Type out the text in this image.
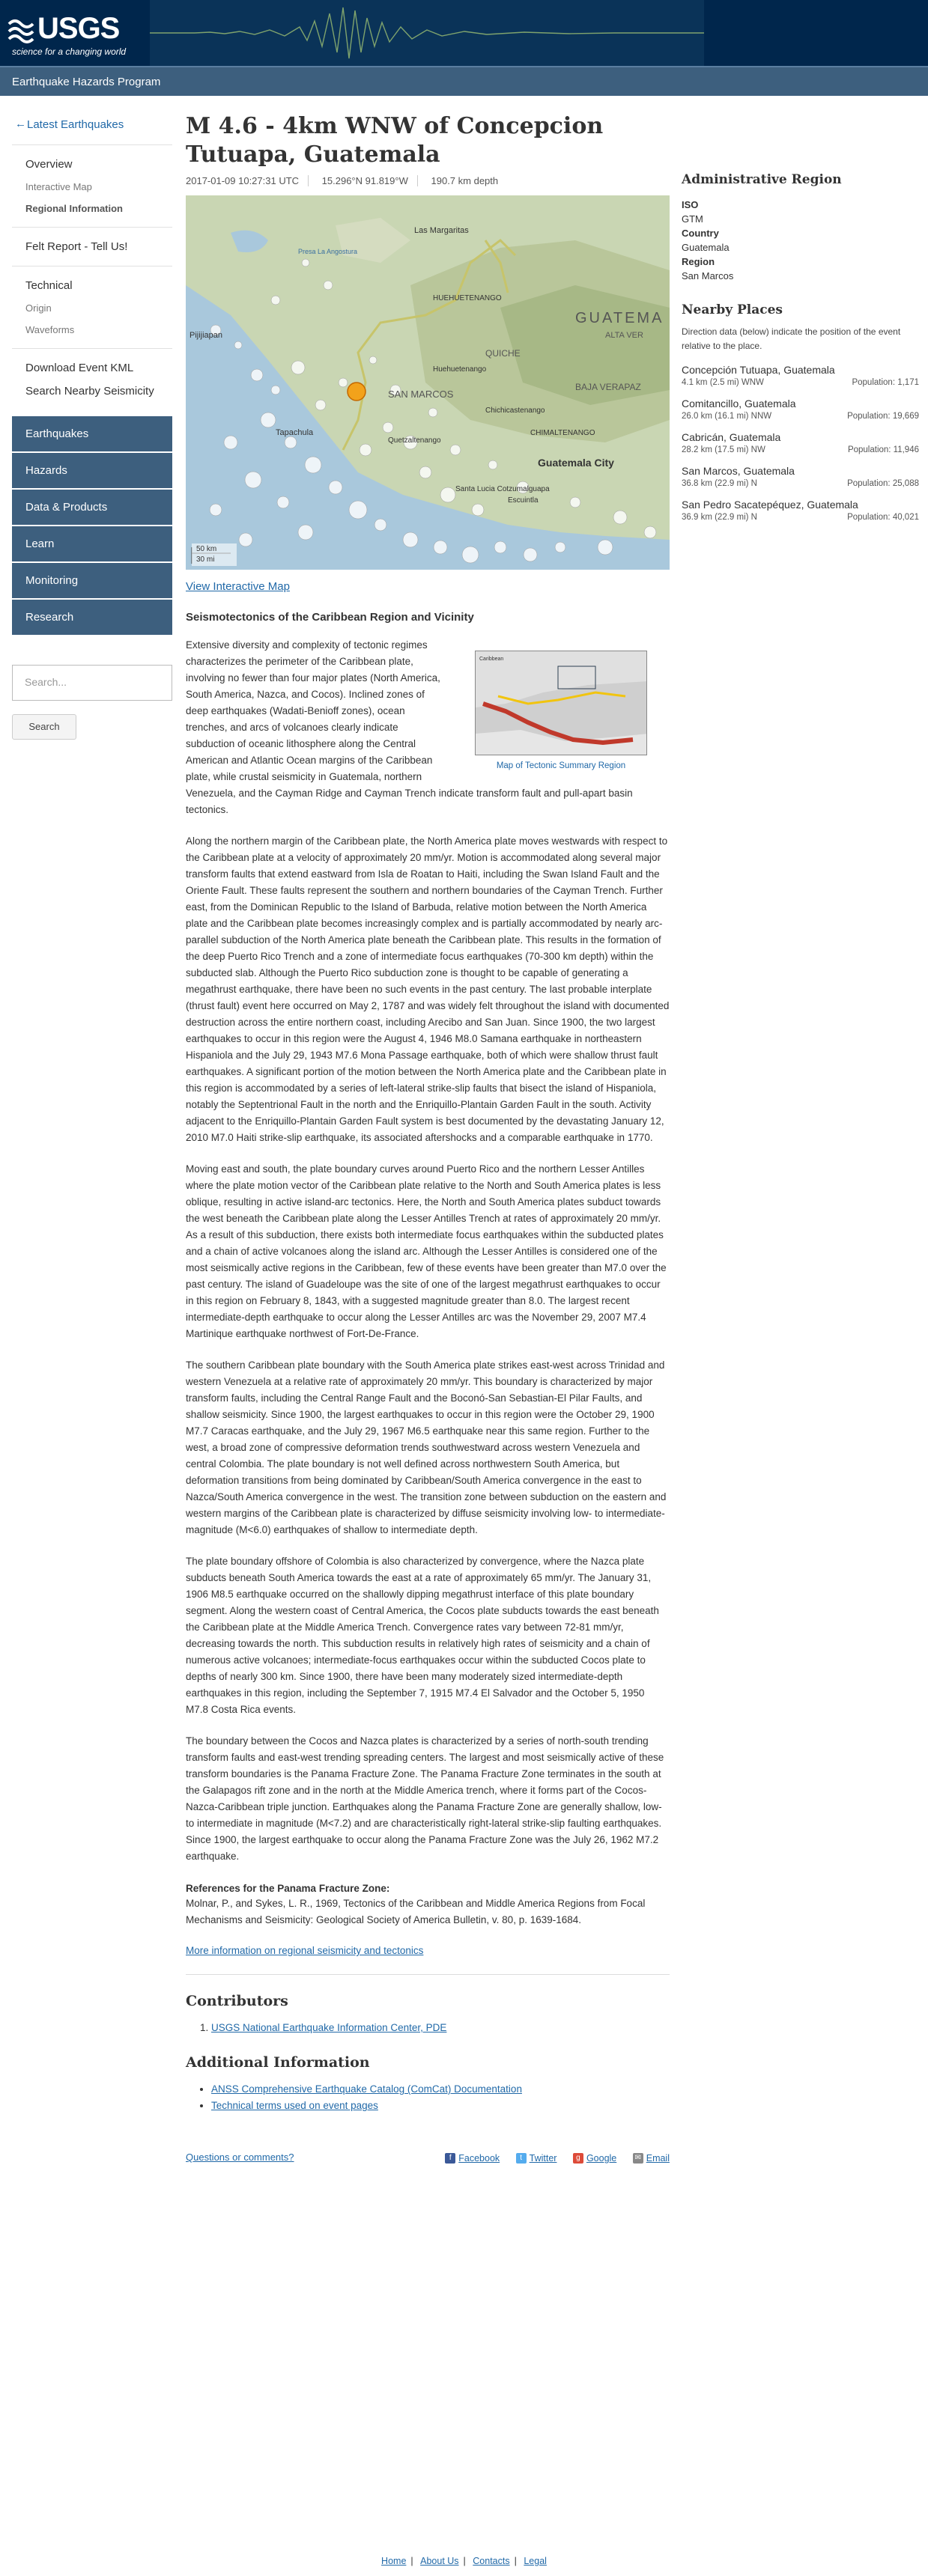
USGS
science for a changing world
Earthquake Hazards Program
← Latest Earthquakes
Overview
Interactive Map
Regional Information
Felt Report - Tell Us!
Technical
Origin
Waveforms
Download Event KML
Search Nearby Seismicity
Earthquakes
Hazards
Data & Products
Learn
Monitoring
Research
Search...
Search
M 4.6 - 4km WNW of Concepcion Tutuapa, Guatemala
2017-01-09 10:27:31 UTC 15.296°N 91.819°W 190.7 km depth
Las Margaritas
Presa La Angostura
Pijijiapan
HUEHUETENANGO
GUATEMA
ALTA VER
QUICHE
Huehuetenango
SAN MARCOS
Tapachula
BAJA VERAPAZ
Chichicastenango
Quetzaltenango
CHIMALTENANGO
Guatemala City
Santa Lucia Cotzumalguapa
Escuintla
50 km
30 mi
View Interactive Map
Seismotectonics of the Caribbean Region and Vicinity
Caribbean
Map of Tectonic Summary Region

Extensive diversity and complexity of tectonic regimes characterizes the perimeter of the Caribbean plate, involving no fewer than four major plates (North America, South America, Nazca, and Cocos). Inclined zones of deep earthquakes (Wadati-Benioff zones), ocean trenches, and arcs of volcanoes clearly indicate subduction of oceanic lithosphere along the Central American and Atlantic Ocean margins of the Caribbean plate, while crustal seismicity in Guatemala, northern Venezuela, and the Cayman Ridge and Cayman Trench indicate transform fault and pull-apart basin tectonics.

Along the northern margin of the Caribbean plate, the North America plate moves westwards with respect to the Caribbean plate at a velocity of approximately 20 mm/yr. Motion is accommodated along several major transform faults that extend eastward from Isla de Roatan to Haiti, including the Swan Island Fault and the Oriente Fault. These faults represent the southern and northern boundaries of the Cayman Trench. Further east, from the Dominican Republic to the Island of Barbuda, relative motion between the North America plate and the Caribbean plate becomes increasingly complex and is partially accommodated by nearly arc-parallel subduction of the North America plate beneath the Caribbean plate. This results in the formation of the deep Puerto Rico Trench and a zone of intermediate focus earthquakes (70-300 km depth) within the subducted slab. Although the Puerto Rico subduction zone is thought to be capable of generating a megathrust earthquake, there have been no such events in the past century. The last probable interplate (thrust fault) event here occurred on May 2, 1787 and was widely felt throughout the island with documented destruction across the entire northern coast, including Arecibo and San Juan. Since 1900, the two largest earthquakes to occur in this region were the August 4, 1946 M8.0 Samana earthquake in northeastern Hispaniola and the July 29, 1943 M7.6 Mona Passage earthquake, both of which were shallow thrust fault earthquakes. A significant portion of the motion between the North America plate and the Caribbean plate in this region is accommodated by a series of left-lateral strike-slip faults that bisect the island of Hispaniola, notably the Septentrional Fault in the north and the Enriquillo-Plantain Garden Fault in the south. Activity adjacent to the Enriquillo-Plantain Garden Fault system is best documented by the devastating January 12, 2010 M7.0 Haiti strike-slip earthquake, its associated aftershocks and a comparable earthquake in 1770.

Moving east and south, the plate boundary curves around Puerto Rico and the northern Lesser Antilles where the plate motion vector of the Caribbean plate relative to the North and South America plates is less oblique, resulting in active island-arc tectonics. Here, the North and South America plates subduct towards the west beneath the Caribbean plate along the Lesser Antilles Trench at rates of approximately 20 mm/yr. As a result of this subduction, there exists both intermediate focus earthquakes within the subducted plates and a chain of active volcanoes along the island arc. Although the Lesser Antilles is considered one of the most seismically active regions in the Caribbean, few of these events have been greater than M7.0 over the past century. The island of Guadeloupe was the site of one of the largest megathrust earthquakes to occur in this region on February 8, 1843, with a suggested magnitude greater than 8.0. The largest recent intermediate-depth earthquake to occur along the Lesser Antilles arc was the November 29, 2007 M7.4 Martinique earthquake northwest of Fort-De-France.

The southern Caribbean plate boundary with the South America plate strikes east-west across Trinidad and western Venezuela at a relative rate of approximately 20 mm/yr. This boundary is characterized by major transform faults, including the Central Range Fault and the Boconó-San Sebastian-El Pilar Faults, and shallow seismicity. Since 1900, the largest earthquakes to occur in this region were the October 29, 1900 M7.7 Caracas earthquake, and the July 29, 1967 M6.5 earthquake near this same region. Further to the west, a broad zone of compressive deformation trends southwestward across western Venezuela and central Colombia. The plate boundary is not well defined across northwestern South America, but deformation transitions from being dominated by Caribbean/South America convergence in the east to Nazca/South America convergence in the west. The transition zone between subduction on the eastern and western margins of the Caribbean plate is characterized by diffuse seismicity involving low- to intermediate-magnitude (M<6.0) earthquakes of shallow to intermediate depth.

The plate boundary offshore of Colombia is also characterized by convergence, where the Nazca plate subducts beneath South America towards the east at a rate of approximately 65 mm/yr. The January 31, 1906 M8.5 earthquake occurred on the shallowly dipping megathrust interface of this plate boundary segment. Along the western coast of Central America, the Cocos plate subducts towards the east beneath the Caribbean plate at the Middle America Trench. Convergence rates vary between 72-81 mm/yr, decreasing towards the north. This subduction results in relatively high rates of seismicity and a chain of numerous active volcanoes; intermediate-focus earthquakes occur within the subducted Cocos plate to depths of nearly 300 km. Since 1900, there have been many moderately sized intermediate-depth earthquakes in this region, including the September 7, 1915 M7.4 El Salvador and the October 5, 1950 M7.8 Costa Rica events.

The boundary between the Cocos and Nazca plates is characterized by a series of north-south trending transform faults and east-west trending spreading centers. The largest and most seismically active of these transform boundaries is the Panama Fracture Zone. The Panama Fracture Zone terminates in the south at the Galapagos rift zone and in the north at the Middle America trench, where it forms part of the Cocos-Nazca-Caribbean triple junction. Earthquakes along the Panama Fracture Zone are generally shallow, low- to intermediate in magnitude (M<7.2) and are characteristically right-lateral strike-slip faulting earthquakes. Since 1900, the largest earthquake to occur along the Panama Fracture Zone was the July 26, 1962 M7.2 earthquake.

References for the Panama Fracture Zone:
Molnar, P., and Sykes, L. R., 1969, Tectonics of the Caribbean and Middle America Regions from Focal Mechanisms and Seismicity: Geological Society of America Bulletin, v. 80, p. 1639-1684.
More information on regional seismicity and tectonics
Contributors
1. USGS National Earthquake Information Center, PDE
Additional Information
• ANSS Comprehensive Earthquake Catalog (ComCat) Documentation
• Technical terms used on event pages
Questions or comments?	f Facebook
	t Twitter
	g Google
✉ Email
Administrative Region
ISO
GTM
Country
Guatemala
Region
San Marcos
Nearby Places
Direction data (below) indicate the position of the event relative to the place.
Concepción Tutuapa, Guatemala
4.1 km (2.5 mi) WNW	Population: 1,171
Comitancillo, Guatemala
26.0 km (16.1 mi) NNW	Population: 19,669
Cabricán, Guatemala
28.2 km (17.5 mi) NW	Population: 11,946
San Marcos, Guatemala
36.8 km (22.9 mi) N	Population: 25,088
San Pedro Sacatepéquez, Guatemala
36.9 km (22.9 mi) N	Population: 40,021
Home | About Us | Contacts | Legal
